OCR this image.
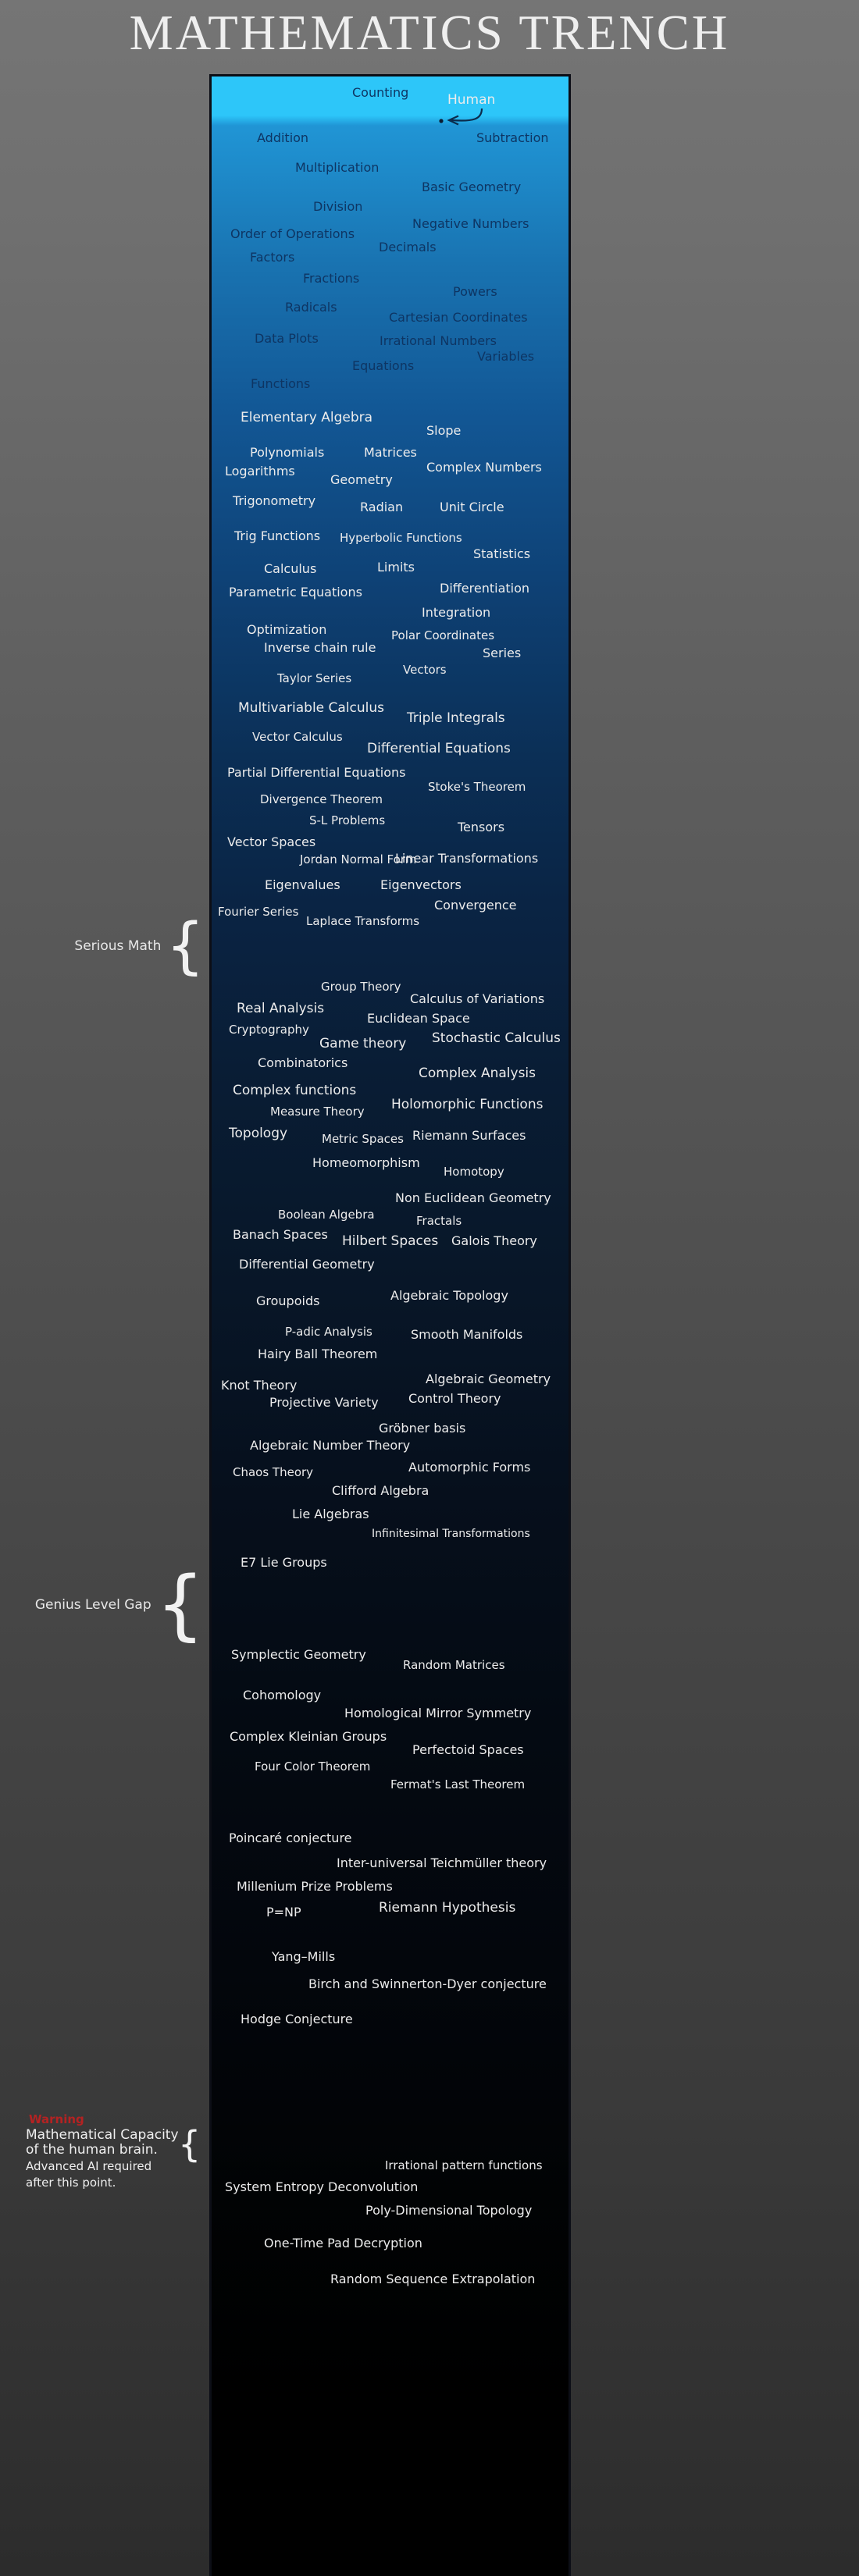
MATHEMATICS TRENCH
Counting	Human
Addition	Subtraction
Multiplication
Basic Geometry
Division
Negative Numbers
Order of Operations
Decimals
Factors
Fractions
Powers
Radicals
Cartesian Coordinates
Data Plots	Irrational Numbers
Variables
Equations
Functions
Elementary Algebra
Slope
Polynomials	Matrices
Logarithms	Complex Numbers
Geometry
Trigonometry	Radian	Unit Circle
Trig Functions Hyperbolic Functions
Statistics
Calculus	Limits
Differentiation
Parametric Equations
Integration
Optimization	Polar Coordinates
Inverse chain rule	Series
Vectors
Taylor Series
Multivariable Calculus
Triple Integrals
Vector Calculus
Differential Equations
Partial Differential Equations
Stoke's Theorem
Divergence Theorem
S-L Problems	Tensors
Vector Spaces
Jordan Normal Form
Linear Transformations
Eigenvalues	Eigenvectors
Convergence
Fourier Series
Laplace Transforms
Group Theory
Calculus of Variations
Real Analysis
Euclidean Space
Cryptography
Stochastic Calculus
Game theory
Combinatorics
Complex Analysis
Complex functions
Measure Theory Holomorphic Functions
Topology	Metric Spaces Riemann Surfaces
Homeomorphism
Homotopy
Non Euclidean Geometry
Boolean Algebra	Fractals
Banach Spaces Hilbert Spaces Galois Theory
Differential Geometry
Groupoids	Algebraic Topology
P-adic Analysis	Smooth Manifolds
Hairy Ball Theorem
Knot Theory	Algebraic Geometry
Projective Variety Control Theory
Gröbner basis
Algebraic Number Theory
Chaos Theory	Automorphic Forms
Clifford Algebra
Lie Algebras
Infinitesimal Transformations
E7 Lie Groups
Symplectic Geometry
Random Matrices
Cohomology
Homological Mirror Symmetry
Complex Kleinian Groups
Perfectoid Spaces
Four Color Theorem
Fermat's Last Theorem
Poincaré conjecture
Inter-universal Teichmüller theory
Millenium Prize Problems
P=NP	Riemann Hypothesis
Yang–Mills
Birch and Swinnerton-Dyer conjecture
Hodge Conjecture
Irrational pattern functions
System Entropy Deconvolution
Poly-Dimensional Topology
One-Time Pad Decryption
Random Sequence Extrapolation
Serious Math {
Genius Level Gap {
Warning
Mathematical Capacity
of the human brain.
Advanced AI required
after this point.
{
